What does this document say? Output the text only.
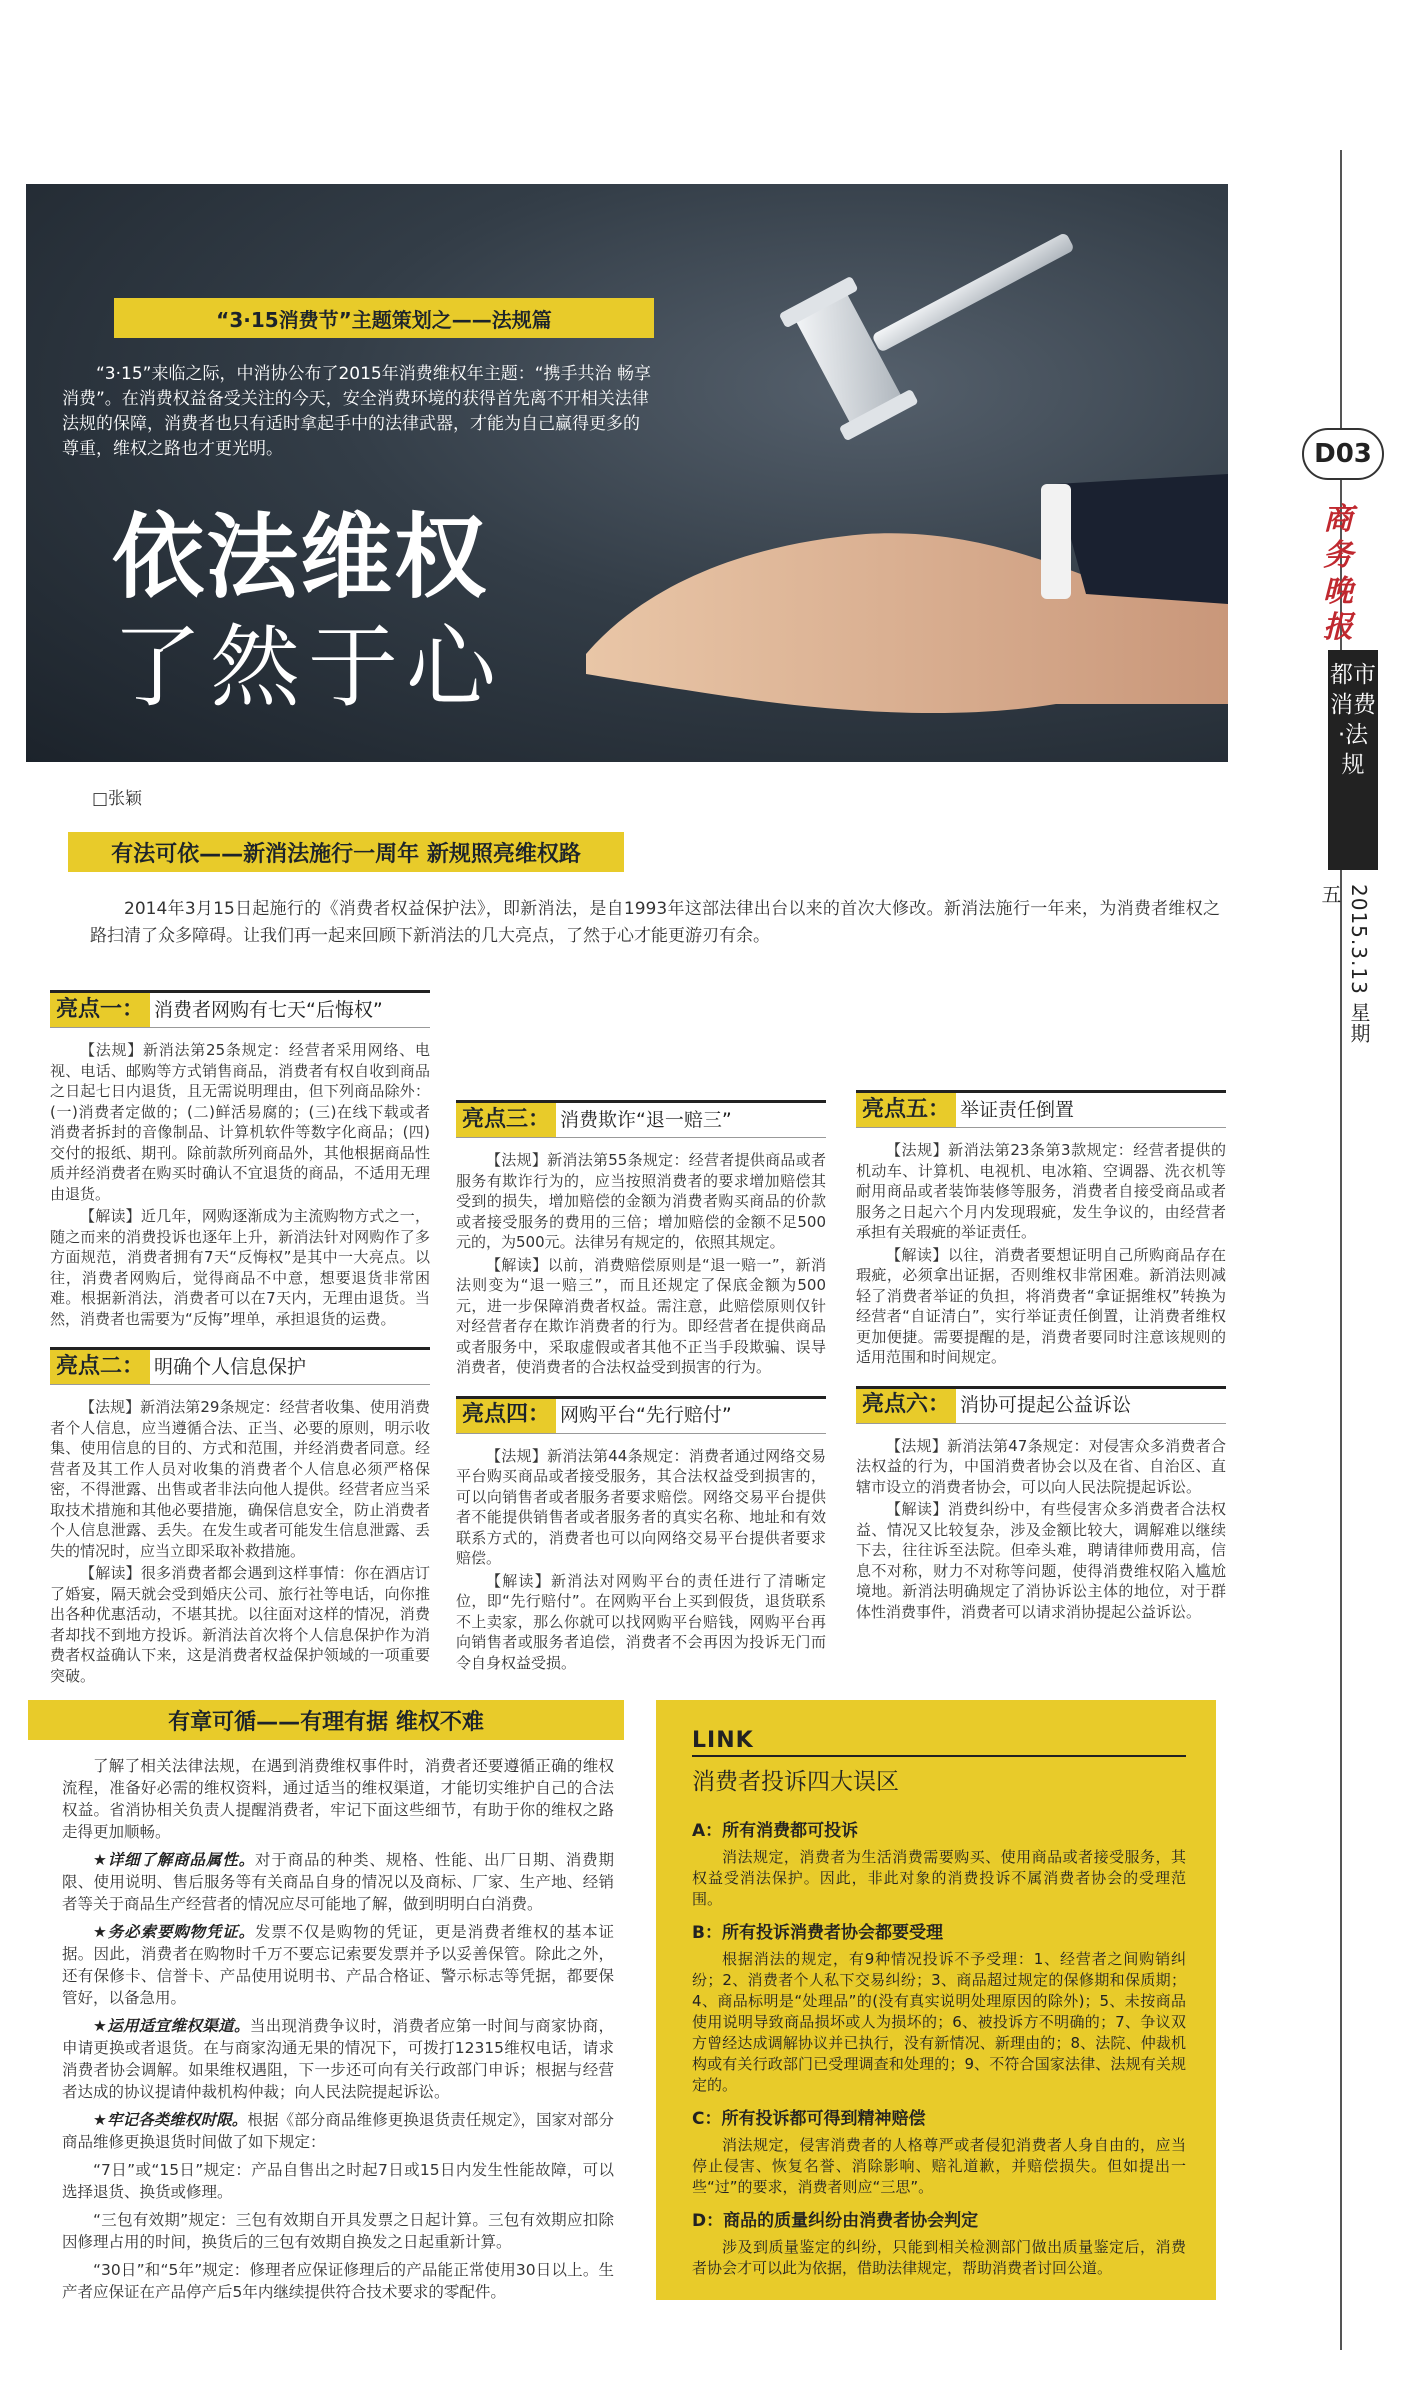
D03
商务晚报
都市消费·法规
2015.3.13 星期五
“3·15消费节”主题策划之——法规篇
“3·15”来临之际，中消协公布了2015年消费维权年主题：“携手共治 畅享消费”。在消费权益备受关注的今天，安全消费环境的获得首先离不开相关法律法规的保障，消费者也只有适时拿起手中的法律武器，才能为自己赢得更多的尊重，维权之路也才更光明。
依法维权
了然于心
□张颖
有法可依——新消法施行一周年 新规照亮维权路
2014年3月15日起施行的《消费者权益保护法》，即新消法，是自1993年这部法律出台以来的首次大修改。新消法施行一年来，为消费者维权之路扫清了众多障碍。让我们再一起来回顾下新消法的几大亮点，了然于心才能更游刃有余。
亮点一： 消费者网购有七天“后悔权”

【法规】新消法第25条规定：经营者采用网络、电视、电话、邮购等方式销售商品，消费者有权自收到商品之日起七日内退货，且无需说明理由，但下列商品除外：(一)消费者定做的；(二)鲜活易腐的；(三)在线下载或者消费者拆封的音像制品、计算机软件等数字化商品；(四)交付的报纸、期刊。除前款所列商品外，其他根据商品性质并经消费者在购买时确认不宜退货的商品，不适用无理由退货。

【解读】近几年，网购逐渐成为主流购物方式之一，随之而来的消费投诉也逐年上升，新消法针对网购作了多方面规范，消费者拥有7天“反悔权”是其中一大亮点。以往，消费者网购后，觉得商品不中意，想要退货非常困难。根据新消法，消费者可以在7天内，无理由退货。当然，消费者也需要为“反悔”埋单，承担退货的运费。

亮点二： 明确个人信息保护

【法规】新消法第29条规定：经营者收集、使用消费者个人信息，应当遵循合法、正当、必要的原则，明示收集、使用信息的目的、方式和范围，并经消费者同意。经营者及其工作人员对收集的消费者个人信息必须严格保密，不得泄露、出售或者非法向他人提供。经营者应当采取技术措施和其他必要措施，确保信息安全，防止消费者个人信息泄露、丢失。在发生或者可能发生信息泄露、丢失的情况时，应当立即采取补救措施。

【解读】很多消费者都会遇到这样事情：你在酒店订了婚宴，隔天就会受到婚庆公司、旅行社等电话，向你推出各种优惠活动，不堪其扰。以往面对这样的情况，消费者却找不到地方投诉。新消法首次将个人信息保护作为消费者权益确认下来，这是消费者权益保护领域的一项重要突破。

亮点三： 消费欺诈“退一赔三”

【法规】新消法第55条规定：经营者提供商品或者服务有欺诈行为的，应当按照消费者的要求增加赔偿其受到的损失，增加赔偿的金额为消费者购买商品的价款或者接受服务的费用的三倍；增加赔偿的金额不足500元的，为500元。法律另有规定的，依照其规定。

【解读】以前，消费赔偿原则是“退一赔一”，新消法则变为“退一赔三”，而且还规定了保底金额为500元，进一步保障消费者权益。需注意，此赔偿原则仅针对经营者存在欺诈消费者的行为。即经营者在提供商品或者服务中，采取虚假或者其他不正当手段欺骗、误导消费者，使消费者的合法权益受到损害的行为。

亮点四： 网购平台“先行赔付”

【法规】新消法第44条规定：消费者通过网络交易平台购买商品或者接受服务，其合法权益受到损害的，可以向销售者或者服务者要求赔偿。网络交易平台提供者不能提供销售者或者服务者的真实名称、地址和有效联系方式的，消费者也可以向网络交易平台提供者要求赔偿。

【解读】新消法对网购平台的责任进行了清晰定位，即“先行赔付”。在网购平台上买到假货，退货联系不上卖家，那么你就可以找网购平台赔钱，网购平台再向销售者或服务者追偿，消费者不会再因为投诉无门而令自身权益受损。

亮点五： 举证责任倒置

【法规】新消法第23条第3款规定：经营者提供的机动车、计算机、电视机、电冰箱、空调器、洗衣机等耐用商品或者装饰装修等服务，消费者自接受商品或者服务之日起六个月内发现瑕疵，发生争议的，由经营者承担有关瑕疵的举证责任。

【解读】以往，消费者要想证明自己所购商品存在瑕疵，必须拿出证据，否则维权非常困难。新消法则减轻了消费者举证的负担，将消费者“拿证据维权”转换为经营者“自证清白”，实行举证责任倒置，让消费者维权更加便捷。需要提醒的是，消费者要同时注意该规则的适用范围和时间规定。

亮点六： 消协可提起公益诉讼

【法规】新消法第47条规定：对侵害众多消费者合法权益的行为，中国消费者协会以及在省、自治区、直辖市设立的消费者协会，可以向人民法院提起诉讼。

【解读】消费纠纷中，有些侵害众多消费者合法权益、情况又比较复杂，涉及金额比较大，调解难以继续下去，往往诉至法院。但牵头难，聘请律师费用高，信息不对称，财力不对称等问题，使得消费维权陷入尴尬境地。新消法明确规定了消协诉讼主体的地位，对于群体性消费事件，消费者可以请求消协提起公益诉讼。

有章可循——有理有据 维权不难

了解了相关法律法规，在遇到消费维权事件时，消费者还要遵循正确的维权流程，准备好必需的维权资料，通过适当的维权渠道，才能切实维护自己的合法权益。省消协相关负责人提醒消费者，牢记下面这些细节，有助于你的维权之路走得更加顺畅。

★详细了解商品属性。对于商品的种类、规格、性能、出厂日期、消费期限、使用说明、售后服务等有关商品自身的情况以及商标、厂家、生产地、经销者等关于商品生产经营者的情况应尽可能地了解，做到明明白白消费。

★务必索要购物凭证。发票不仅是购物的凭证，更是消费者维权的基本证据。因此，消费者在购物时千万不要忘记索要发票并予以妥善保管。除此之外，还有保修卡、信誉卡、产品使用说明书、产品合格证、警示标志等凭据，都要保管好，以备急用。

★运用适宜维权渠道。当出现消费争议时，消费者应第一时间与商家协商，申请更换或者退货。在与商家沟通无果的情况下，可拨打12315维权电话，请求消费者协会调解。如果维权遇阻，下一步还可向有关行政部门申诉；根据与经营者达成的协议提请仲裁机构仲裁；向人民法院提起诉讼。

★牢记各类维权时限。根据《部分商品维修更换退货责任规定》，国家对部分商品维修更换退货时间做了如下规定：

“7日”或“15日”规定：产品自售出之时起7日或15日内发生性能故障，可以选择退货、换货或修理。

“三包有效期”规定：三包有效期自开具发票之日起计算。三包有效期应扣除因修理占用的时间，换货后的三包有效期自换发之日起重新计算。

“30日”和“5年”规定：修理者应保证修理后的产品能正常使用30日以上。生产者应保证在产品停产后5年内继续提供符合技术要求的零配件。

LINK
消费者投诉四大误区
A：所有消费都可投诉
消法规定，消费者为生活消费需要购买、使用商品或者接受服务，其权益受消法保护。因此，非此对象的消费投诉不属消费者协会的受理范围。
B：所有投诉消费者协会都要受理
根据消法的规定，有9种情况投诉不予受理：1、经营者之间购销纠纷；2、消费者个人私下交易纠纷；3、商品超过规定的保修期和保质期；4、商品标明是“处理品”的(没有真实说明处理原因的除外)；5、未按商品使用说明导致商品损坏或人为损坏的；6、被投诉方不明确的；7、争议双方曾经达成调解协议并已执行，没有新情况、新理由的；8、法院、仲裁机构或有关行政部门已受理调查和处理的；9、不符合国家法律、法规有关规定的。
C：所有投诉都可得到精神赔偿
消法规定，侵害消费者的人格尊严或者侵犯消费者人身自由的，应当停止侵害、恢复名誉、消除影响、赔礼道歉，并赔偿损失。但如提出一些“过”的要求，消费者则应“三思”。
D：商品的质量纠纷由消费者协会判定
涉及到质量鉴定的纠纷，只能到相关检测部门做出质量鉴定后，消费者协会才可以此为依据，借助法律规定，帮助消费者讨回公道。
